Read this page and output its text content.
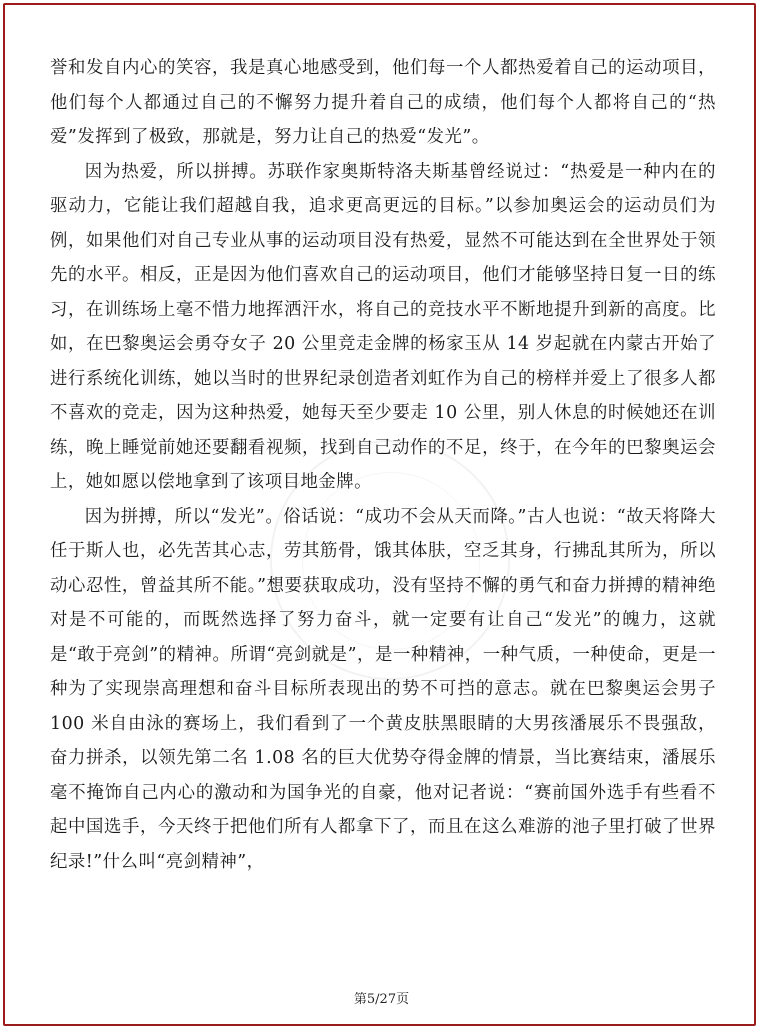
誉和发自内心的笑容，我是真心地感受到，他们每一个人都热爱着自己的运动项目，他们每个人都通过自己的不懈努力提升着自己的成绩，他们每个人都将自己的“热爱”发挥到了极致，那就是，努力让自己的热爱“发光”。

因为热爱，所以拼搏。苏联作家奥斯特洛夫斯基曾经说过：“热爱是一种内在的驱动力，它能让我们超越自我，追求更高更远的目标。”以参加奥运会的运动员们为例，如果他们对自己专业从事的运动项目没有热爱，显然不可能达到在全世界处于领先的水平。相反，正是因为他们喜欢自己的运动项目，他们才能够坚持日复一日的练习，在训练场上毫不惜力地挥洒汗水，将自己的竞技水平不断地提升到新的高度。比如，在巴黎奥运会勇夺女子 20 公里竞走金牌的杨家玉从 14 岁起就在内蒙古开始了进行系统化训练，她以当时的世界纪录创造者刘虹作为自己的榜样并爱上了很多人都不喜欢的竞走，因为这种热爱，她每天至少要走 10 公里，别人休息的时候她还在训练，晚上睡觉前她还要翻看视频，找到自己动作的不足，终于，在今年的巴黎奥运会上，她如愿以偿地拿到了该项目地金牌。

因为拼搏，所以“发光”。俗话说：“成功不会从天而降。”古人也说：“故天将降大任于斯人也，必先苦其心志，劳其筋骨，饿其体肤，空乏其身，行拂乱其所为，所以动心忍性，曾益其所不能。”想要获取成功，没有坚持不懈的勇气和奋力拼搏的精神绝对是不可能的，而既然选择了努力奋斗，就一定要有让自己“发光”的魄力，这就是“敢于亮剑”的精神。所谓“亮剑就是”，是一种精神，一种气质，一种使命，更是一种为了实现崇高理想和奋斗目标所表现出的势不可挡的意志。就在巴黎奥运会男子 100 米自由泳的赛场上，我们看到了一个黄皮肤黑眼睛的大男孩潘展乐不畏强敌，奋力拼杀，以领先第二名 1.08 名的巨大优势夺得金牌的情景，当比赛结束，潘展乐毫不掩饰自己内心的激动和为国争光的自豪，他对记者说：“赛前国外选手有些看不起中国选手，今天终于把他们所有人都拿下了，而且在这么难游的池子里打破了世界纪录!”什么叫“亮剑精神”，

第5/27页
